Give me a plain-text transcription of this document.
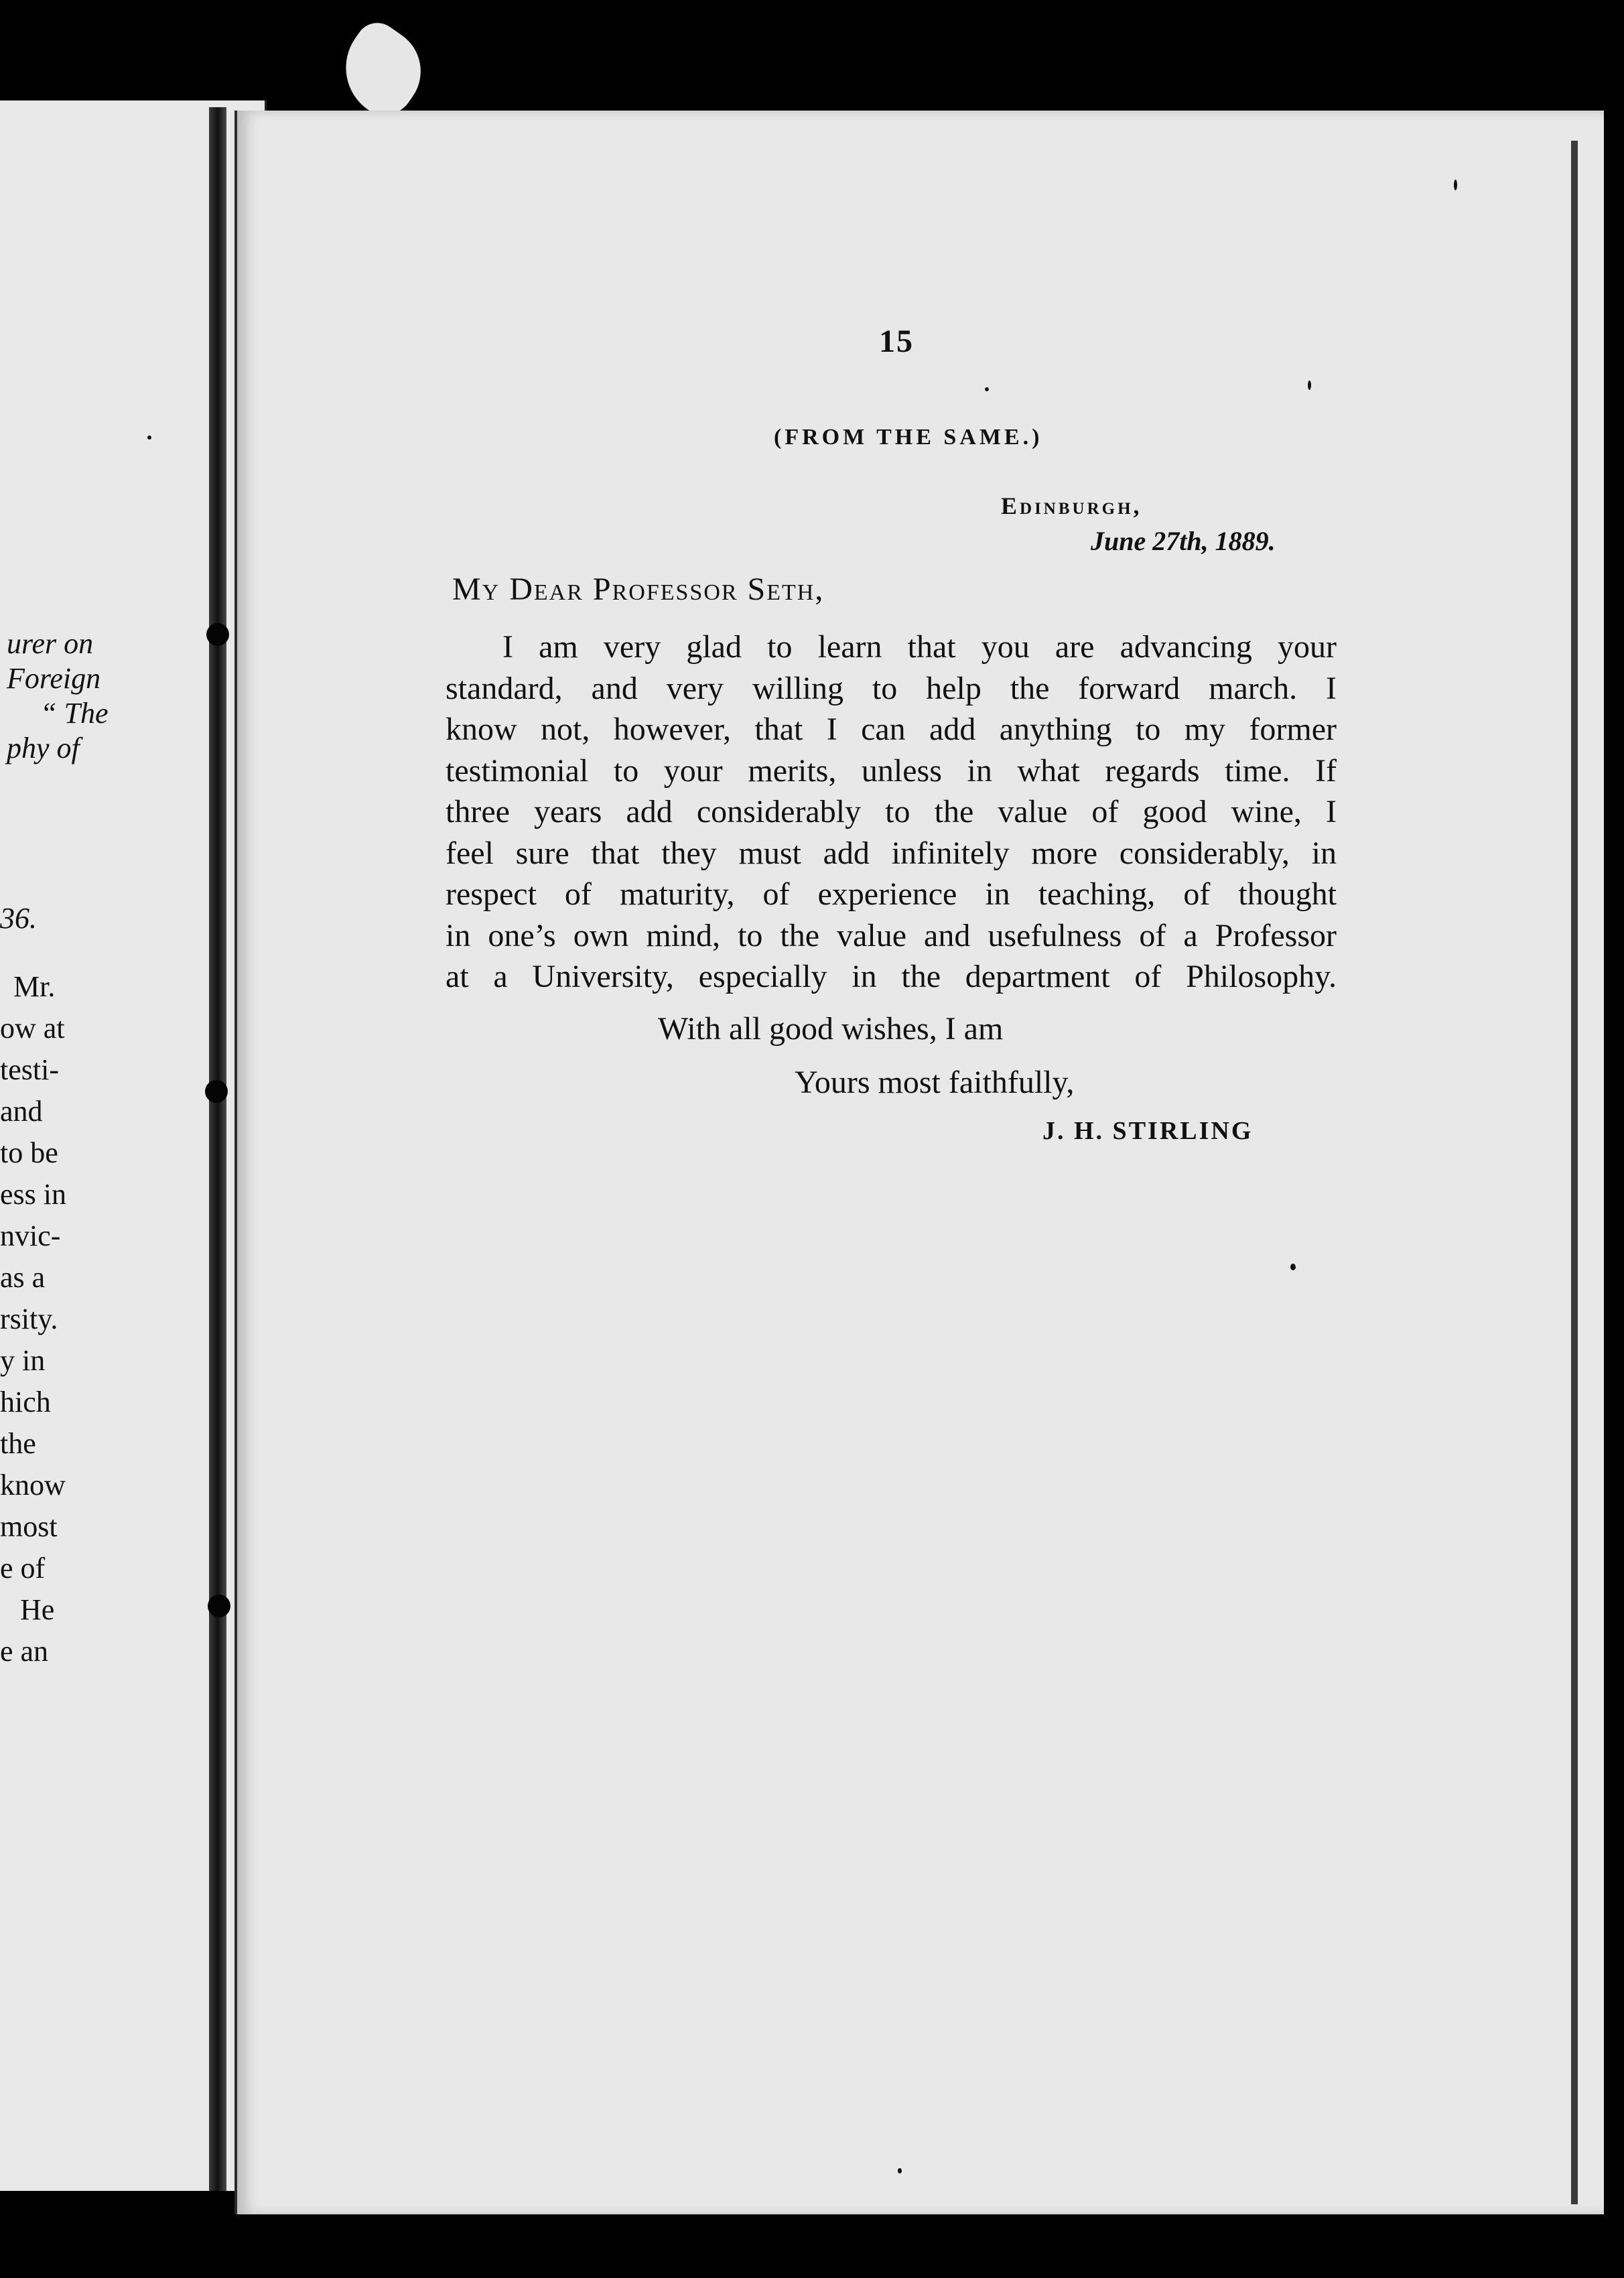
urer on
Foreign
“ The
phy of
36.
Mr.
ow at
testi-
and
to be
ess in
nvic-
as a
rsity.
y in
hich
the
know
most
e of
He
e an
15
(FROM THE SAME.)
Edinburgh,
June 27th, 1889.
My Dear Professor Seth,
I am very glad to learn that you are advancing your
standard, and very willing to help the forward march. I
know not, however, that I can add anything to my former
testimonial to your merits, unless in what regards time. If
three years add considerably to the value of good wine, I
feel sure that they must add infinitely more considerably, in
respect of maturity, of experience in teaching, of thought
in one’s own mind, to the value and usefulness of a Professor
at a University, especially in the department of Philosophy.
With all good wishes, I am
Yours most faithfully,
J. H. STIRLING
